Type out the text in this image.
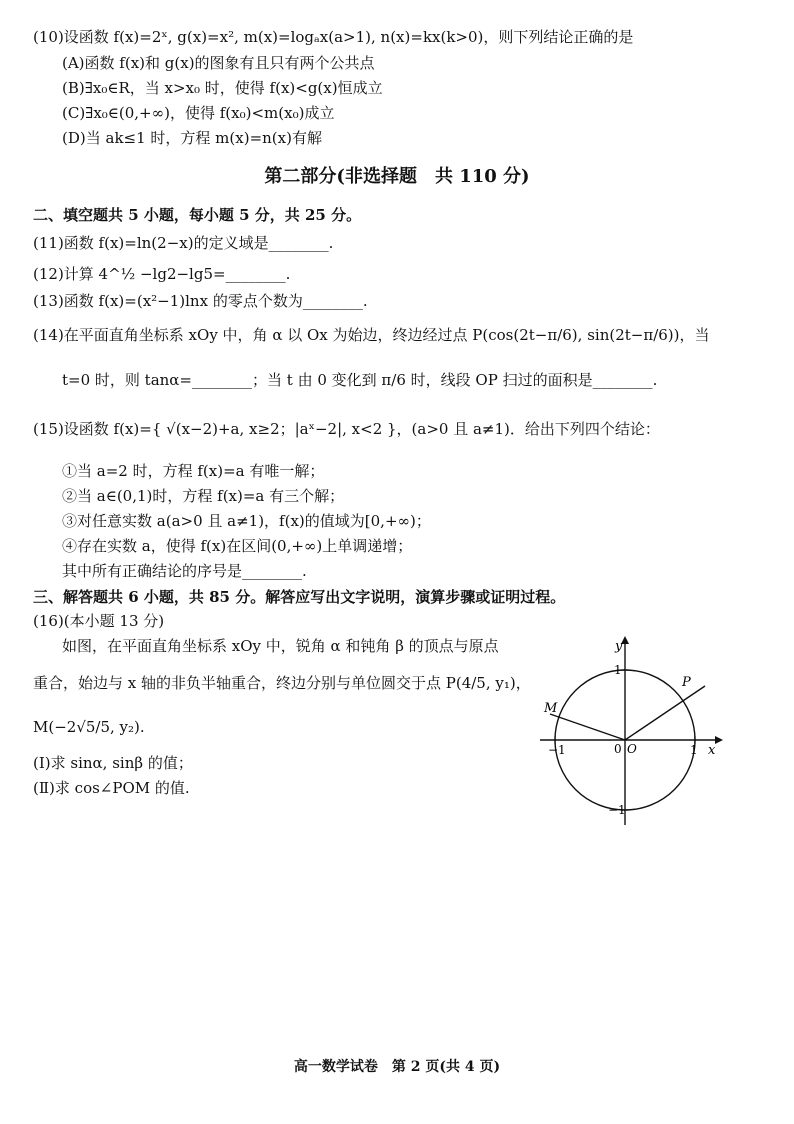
(10)设函数 f(x)=2ˣ, g(x)=x², m(x)=logₐx(a>1), n(x)=kx(k>0)，则下列结论正确的是
(A)函数 f(x)和 g(x)的图象有且只有两个公共点
(B)∃x₀∈R，当 x>x₀ 时，使得 f(x)<g(x)恒成立
(C)∃x₀∈(0,+∞)，使得 f(x₀)<m(x₀)成立
(D)当 ak≤1 时，方程 m(x)=n(x)有解
第二部分(非选择题　共 110 分)
二、填空题共 5 小题，每小题 5 分，共 25 分。
(11)函数 f(x)=ln(2−x)的定义域是________.
(12)计算 4^½ −lg2−lg5=________.
(13)函数 f(x)=(x²−1)lnx 的零点个数为________.
(14)在平面直角坐标系 xOy 中，角 α 以 Ox 为始边，终边经过点 P(cos(2t−π/6), sin(2t−π/6))，当
t=0 时，则 tanα=________；当 t 由 0 变化到 π/6 时，线段 OP 扫过的面积是________.
(15)设函数 f(x)={ √(x−2)+a, x≥2；|aˣ−2|, x<2 }，(a>0 且 a≠1)．给出下列四个结论：
①当 a=2 时，方程 f(x)=a 有唯一解；
②当 a∈(0,1)时，方程 f(x)=a 有三个解；
③对任意实数 a(a>0 且 a≠1)，f(x)的值域为[0,+∞)；
④存在实数 a，使得 f(x)在区间(0,+∞)上单调递增；
其中所有正确结论的序号是________.
三、解答题共 6 小题，共 85 分。解答应写出文字说明，演算步骤或证明过程。
(16)(本小题 13 分)
如图，在平面直角坐标系 xOy 中，锐角 α 和钝角 β 的顶点与原点
重合，始边与 x 轴的非负半轴重合，终边分别与单位圆交于点 P(4/5, y₁)，
M(−2√5/5, y₂).
(Ⅰ)求 sinα, sinβ 的值；
(Ⅱ)求 cos∠POM 的值.
y
x
0 O
1
−1
1
−1
P
M
高一数学试卷　第 2 页(共 4 页)
